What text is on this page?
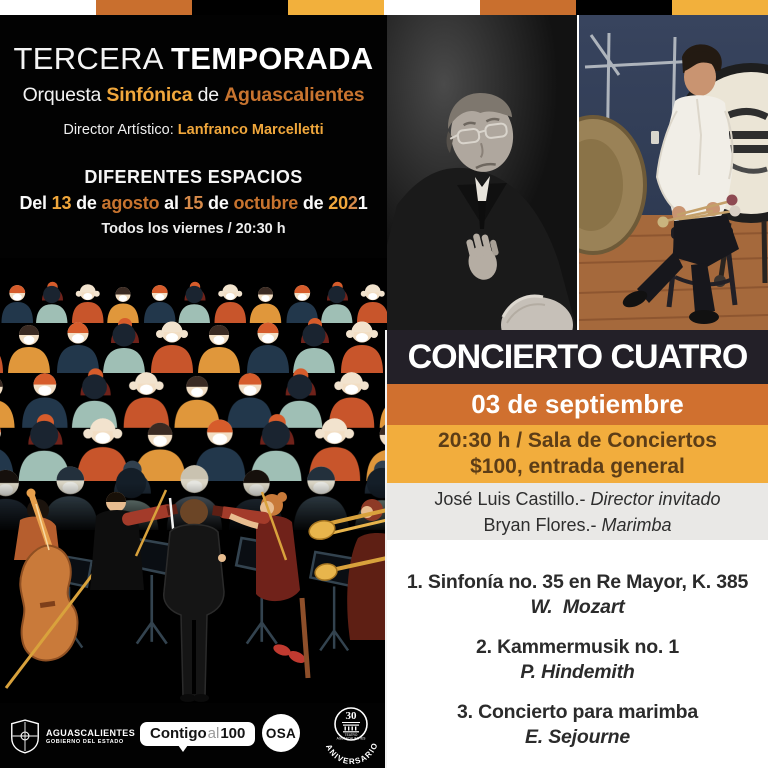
TERCERA TEMPORADA
Orquesta Sinfónica de Aguascalientes
Director Artístico: Lanfranco Marcelletti
DIFERENTES ESPACIOS
Del 13 de agosto al 15 de octubre de 2021
Todos los viernes / 20:30 h
AGUASCALIENTES
GOBIERNO DEL ESTADO	Contigoal100	OSA
30
TEATRO
AGUASCALIENTES
ANIVERSARIO
CONCIERTO CUATRO
03 de septiembre
20:30 h / Sala de Conciertos
$100, entrada general
José Luis Castillo.- Director invitado
Bryan Flores.- Marimba
1. Sinfonía no. 35 en Re Mayor, K. 385
W.  Mozart
2. Kammermusik no. 1
P. Hindemith
3. Concierto para marimba
E. Sejourne
